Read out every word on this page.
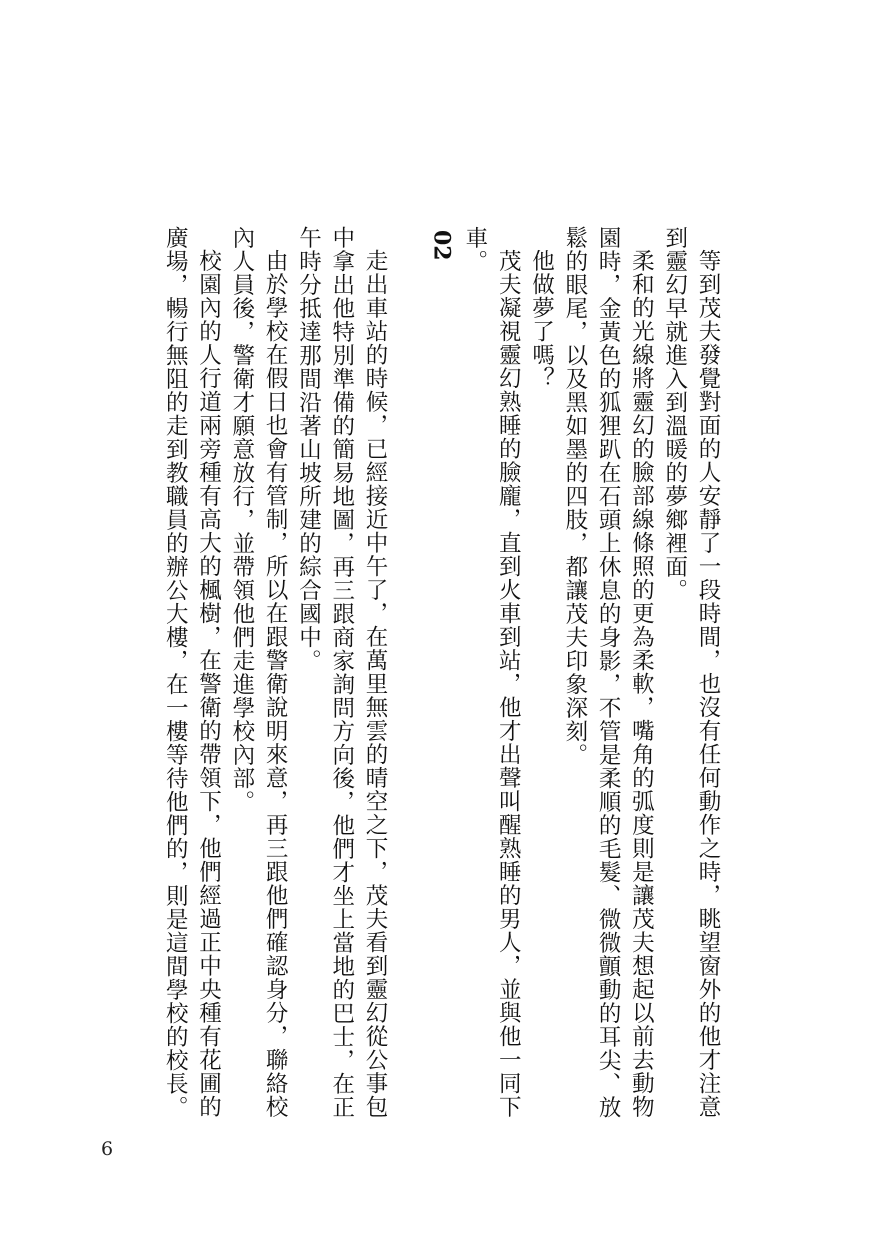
等到茂夫發覺對面的人安靜了一段時間，也沒有任何動作之時，眺望窗外的他才注意到靈幻早就進入到溫暖的夢鄉裡面。

柔和的光線將靈幻的臉部線條照的更為柔軟，嘴角的弧度則是讓茂夫想起以前去動物園時，金黃色的狐狸趴在石頭上休息的身影，不管是柔順的毛髮、微微顫動的耳尖、放鬆的眼尾，以及黑如墨的四肢，都讓茂夫印象深刻。

他做夢了嗎？

茂夫凝視靈幻熟睡的臉龐，直到火車到站，他才出聲叫醒熟睡的男人，並與他一同下車。

02

走出車站的時候，已經接近中午了，在萬里無雲的晴空之下，茂夫看到靈幻從公事包中拿出他特別準備的簡易地圖，再三跟商家詢問方向後，他們才坐上當地的巴士，在正午時分抵達那間沿著山坡所建的綜合國中。

由於學校在假日也會有管制，所以在跟警衛說明來意，再三跟他們確認身分，聯絡校內人員後，警衛才願意放行，並帶領他們走進學校內部。

校園內的人行道兩旁種有高大的楓樹，在警衛的帶領下，他們經過正中央種有花圃的廣場，暢行無阻的走到教職員的辦公大樓，在一樓等待他們的，則是這間學校的校長。

6
